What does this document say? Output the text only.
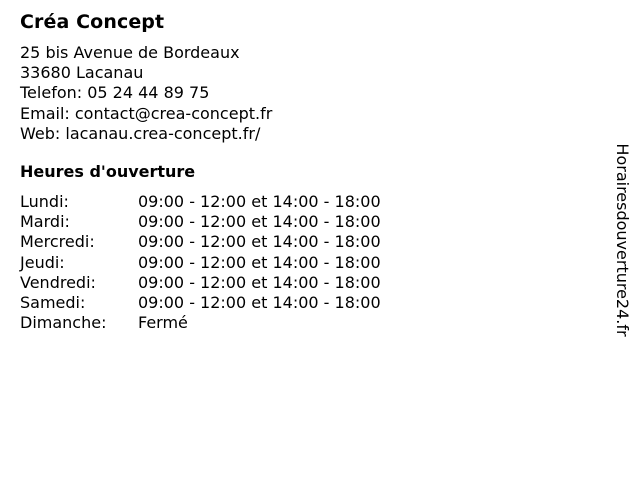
Créa Concept
25 bis Avenue de Bordeaux
33680 Lacanau
Telefon: 05 24 44 89 75
Email: contact@crea-concept.fr
Web: lacanau.crea-concept.fr/
Heures d'ouverture
Lundi:	09:00 - 12:00 et 14:00 - 18:00
Mardi:	09:00 - 12:00 et 14:00 - 18:00
Mercredi:	09:00 - 12:00 et 14:00 - 18:00
Jeudi:	09:00 - 12:00 et 14:00 - 18:00
Vendredi:	09:00 - 12:00 et 14:00 - 18:00
Samedi:	09:00 - 12:00 et 14:00 - 18:00
Dimanche:	Fermé	Horairesdouverture24.fr
